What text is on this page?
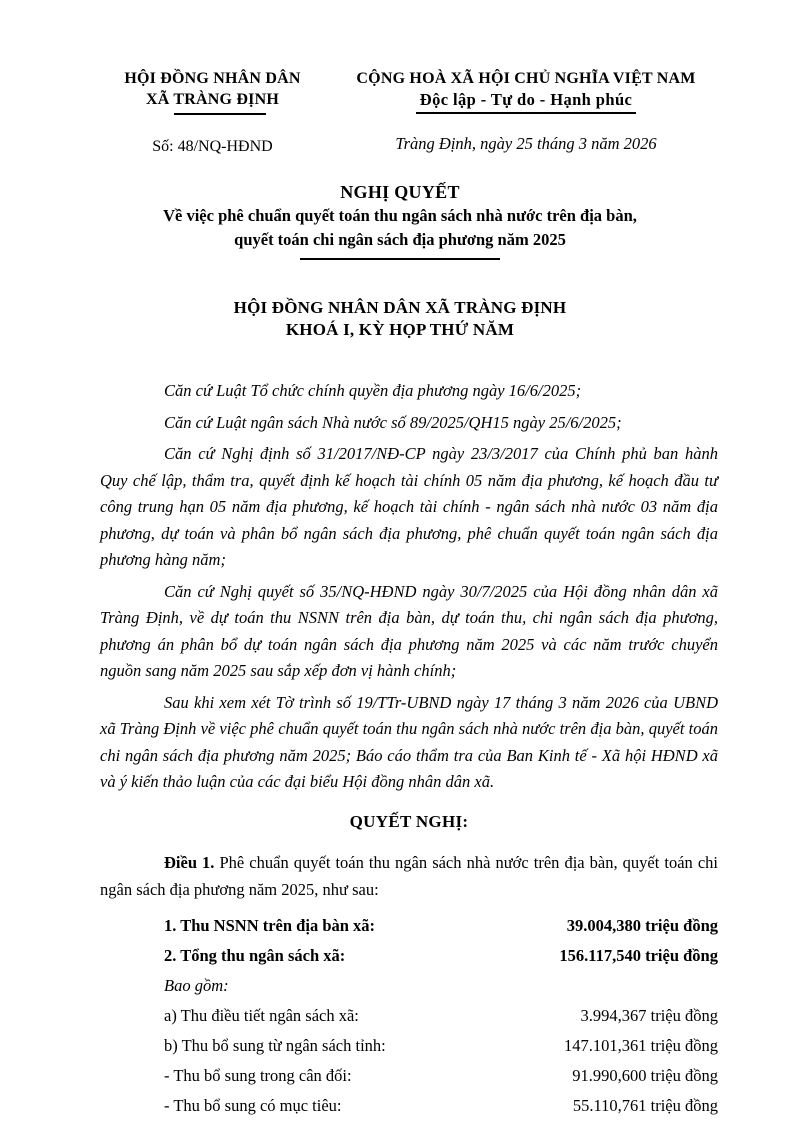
HỘI ĐỒNG NHÂN DÂN
XÃ TRÀNG ĐỊNH
Số: 48/NQ-HĐND
CỘNG HOÀ XÃ HỘI CHỦ NGHĨA VIỆT NAM
Độc lập - Tự do - Hạnh phúc
Tràng Định, ngày 25 tháng 3 năm 2026
NGHỊ QUYẾT
Về việc phê chuẩn quyết toán thu ngân sách nhà nước trên địa bàn,
quyết toán chi ngân sách địa phương năm 2025
HỘI ĐỒNG NHÂN DÂN XÃ TRÀNG ĐỊNH
KHOÁ I, KỲ HỌP THỨ NĂM

Căn cứ Luật Tổ chức chính quyền địa phương ngày 16/6/2025;

Căn cứ Luật ngân sách Nhà nước số 89/2025/QH15 ngày 25/6/2025;

Căn cứ Nghị định số 31/2017/NĐ-CP ngày 23/3/2017 của Chính phủ ban hành Quy chế lập, thẩm tra, quyết định kế hoạch tài chính 05 năm địa phương, kế hoạch đầu tư công trung hạn 05 năm địa phương, kế hoạch tài chính - ngân sách nhà nước 03 năm địa phương, dự toán và phân bổ ngân sách địa phương, phê chuẩn quyết toán ngân sách địa phương hàng năm;

Căn cứ Nghị quyết số 35/NQ-HĐND ngày 30/7/2025 của Hội đồng nhân dân xã Tràng Định, về dự toán thu NSNN trên địa bàn, dự toán thu, chi ngân sách địa phương, phương án phân bổ dự toán ngân sách địa phương năm 2025 và các năm trước chuyển nguồn sang năm 2025 sau sắp xếp đơn vị hành chính;

Sau khi xem xét Tờ trình số 19/TTr-UBND ngày 17 tháng 3 năm 2026 của UBND xã Tràng Định về việc phê chuẩn quyết toán thu ngân sách nhà nước trên địa bàn, quyết toán chi ngân sách địa phương năm 2025; Báo cáo thẩm tra của Ban Kinh tế - Xã hội HĐND xã và ý kiến thảo luận của các đại biểu Hội đồng nhân dân xã.

QUYẾT NGHỊ:

Điều 1. Phê chuẩn quyết toán thu ngân sách nhà nước trên địa bàn, quyết toán chi ngân sách địa phương năm 2025, như sau:

1. Thu NSNN trên địa bàn xã:	39.004,380 triệu đồng
2. Tổng thu ngân sách xã:	156.117,540 triệu đồng
Bao gồm:
a) Thu điều tiết ngân sách xã:	3.994,367 triệu đồng
b) Thu bổ sung từ ngân sách tỉnh:	147.101,361 triệu đồng
- Thu bổ sung trong cân đối:	91.990,600 triệu đồng
- Thu bổ sung có mục tiêu:	55.110,761 triệu đồng
